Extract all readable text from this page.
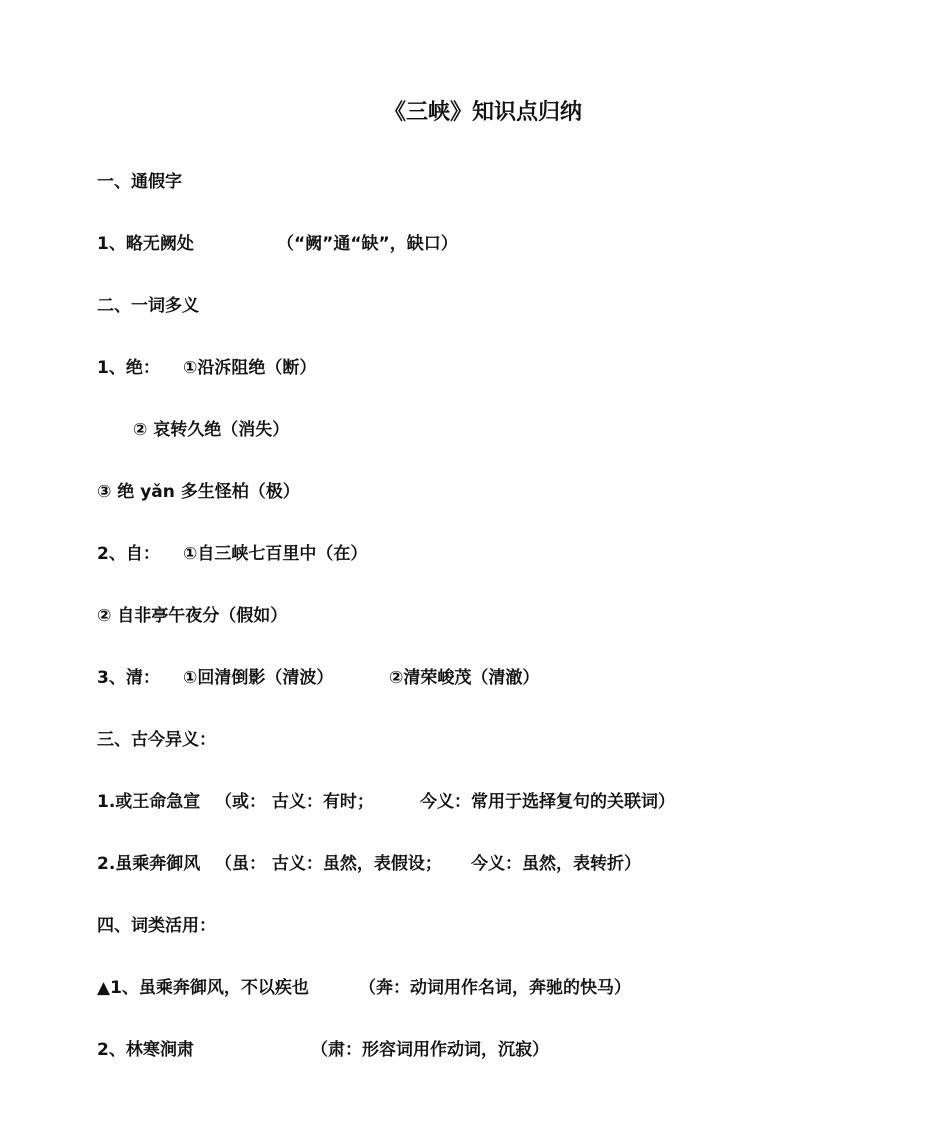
《三峡》知识点归纳
一、通假字
1、略无阙处	（“阙”通“缺”，缺口）
二、一词多义
1、绝： ①沿泝阻绝（断）
② 哀转久绝（消失）
③ 绝 yǎn 多生怪柏（极）
2、自： ①自三峡七百里中（在）
② 自非亭午夜分（假如）
3、清： ①回清倒影（清波）	②清荣峻茂（清澈）
三、古今异义：
1.或王命急宣 （或： 古义：有时；	今义：常用于选择复句的关联词）
2.虽乘奔御风 （虽： 古义：虽然，表假设； 今义：虽然，表转折）
四、词类活用：
▲1、虽乘奔御风，不以疾也	（奔：动词用作名词，奔驰的快马）
2、林寒涧肃	（肃：形容词用作动词，沉寂）
